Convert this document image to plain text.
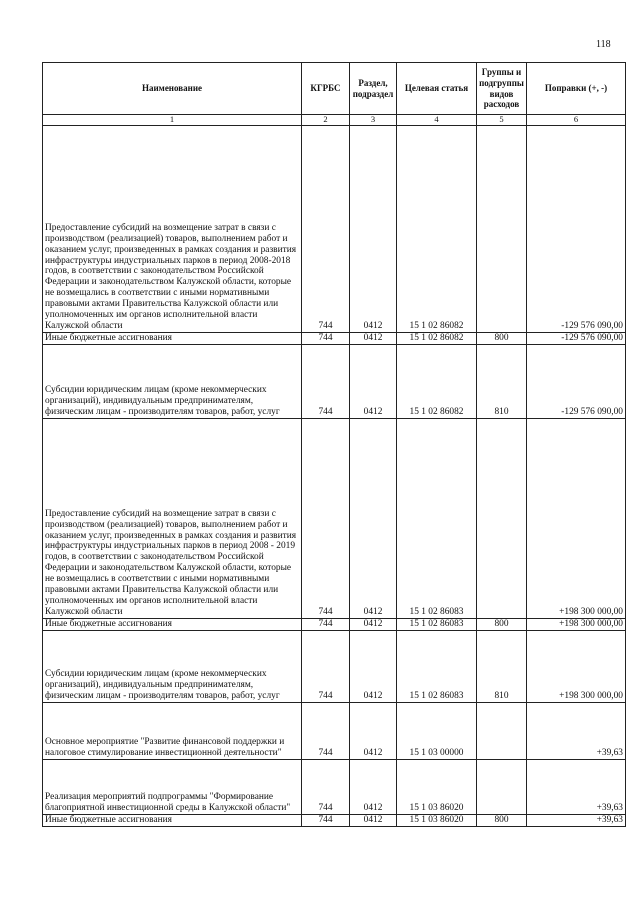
118
Наименование	КГРБС	Раздел, подраздел	Целевая статья	Группы и подгруппы видов расходов	Поправки (+, -)
1	2	3	4	5	6
Предоставление субсидий на возмещение затрат в связи с производством (реализацией) товаров, выполнением работ и оказанием услуг, произведенных в рамках создания и развития инфраструктуры индустриальных парков в период 2008-2018 годов, в соответствии с законодательством Российской Федерации и законодательством Калужской области, которые не возмещались в соответствии с иными нормативными правовыми актами Правительства Калужской области или уполномоченных им органов исполнительной власти Калужской области	744	0412	15 1 02 86082		-129 576 090,00
Иные бюджетные ассигнования	744	0412	15 1 02 86082	800	-129 576 090,00
Субсидии юридическим лицам (кроме некоммерческих организаций), индивидуальным предпринимателям, физическим лицам - производителям товаров, работ, услуг	744	0412	15 1 02 86082	810	-129 576 090,00
Предоставление субсидий на возмещение затрат в связи с производством (реализацией) товаров, выполнением работ и оказанием услуг, произведенных в рамках создания и развития инфраструктуры индустриальных парков в период 2008 - 2019 годов, в соответствии с законодательством Российской Федерации и законодательством Калужской области, которые не возмещались в соответствии с иными нормативными правовыми актами Правительства Калужской области или уполномоченных им органов исполнительной власти Калужской области	744	0412	15 1 02 86083		+198 300 000,00
Иные бюджетные ассигнования	744	0412	15 1 02 86083	800	+198 300 000,00
Субсидии юридическим лицам (кроме некоммерческих организаций), индивидуальным предпринимателям, физическим лицам - производителям товаров, работ, услуг	744	0412	15 1 02 86083	810	+198 300 000,00
Основное мероприятие "Развитие финансовой поддержки и налоговое стимулирование инвестиционной деятельности"	744	0412	15 1 03 00000		+39,63
Реализация мероприятий подпрограммы "Формирование благоприятной инвестиционной среды в Калужской области"	744	0412	15 1 03 86020		+39,63
Иные бюджетные ассигнования	744	0412	15 1 03 86020	800	+39,63
